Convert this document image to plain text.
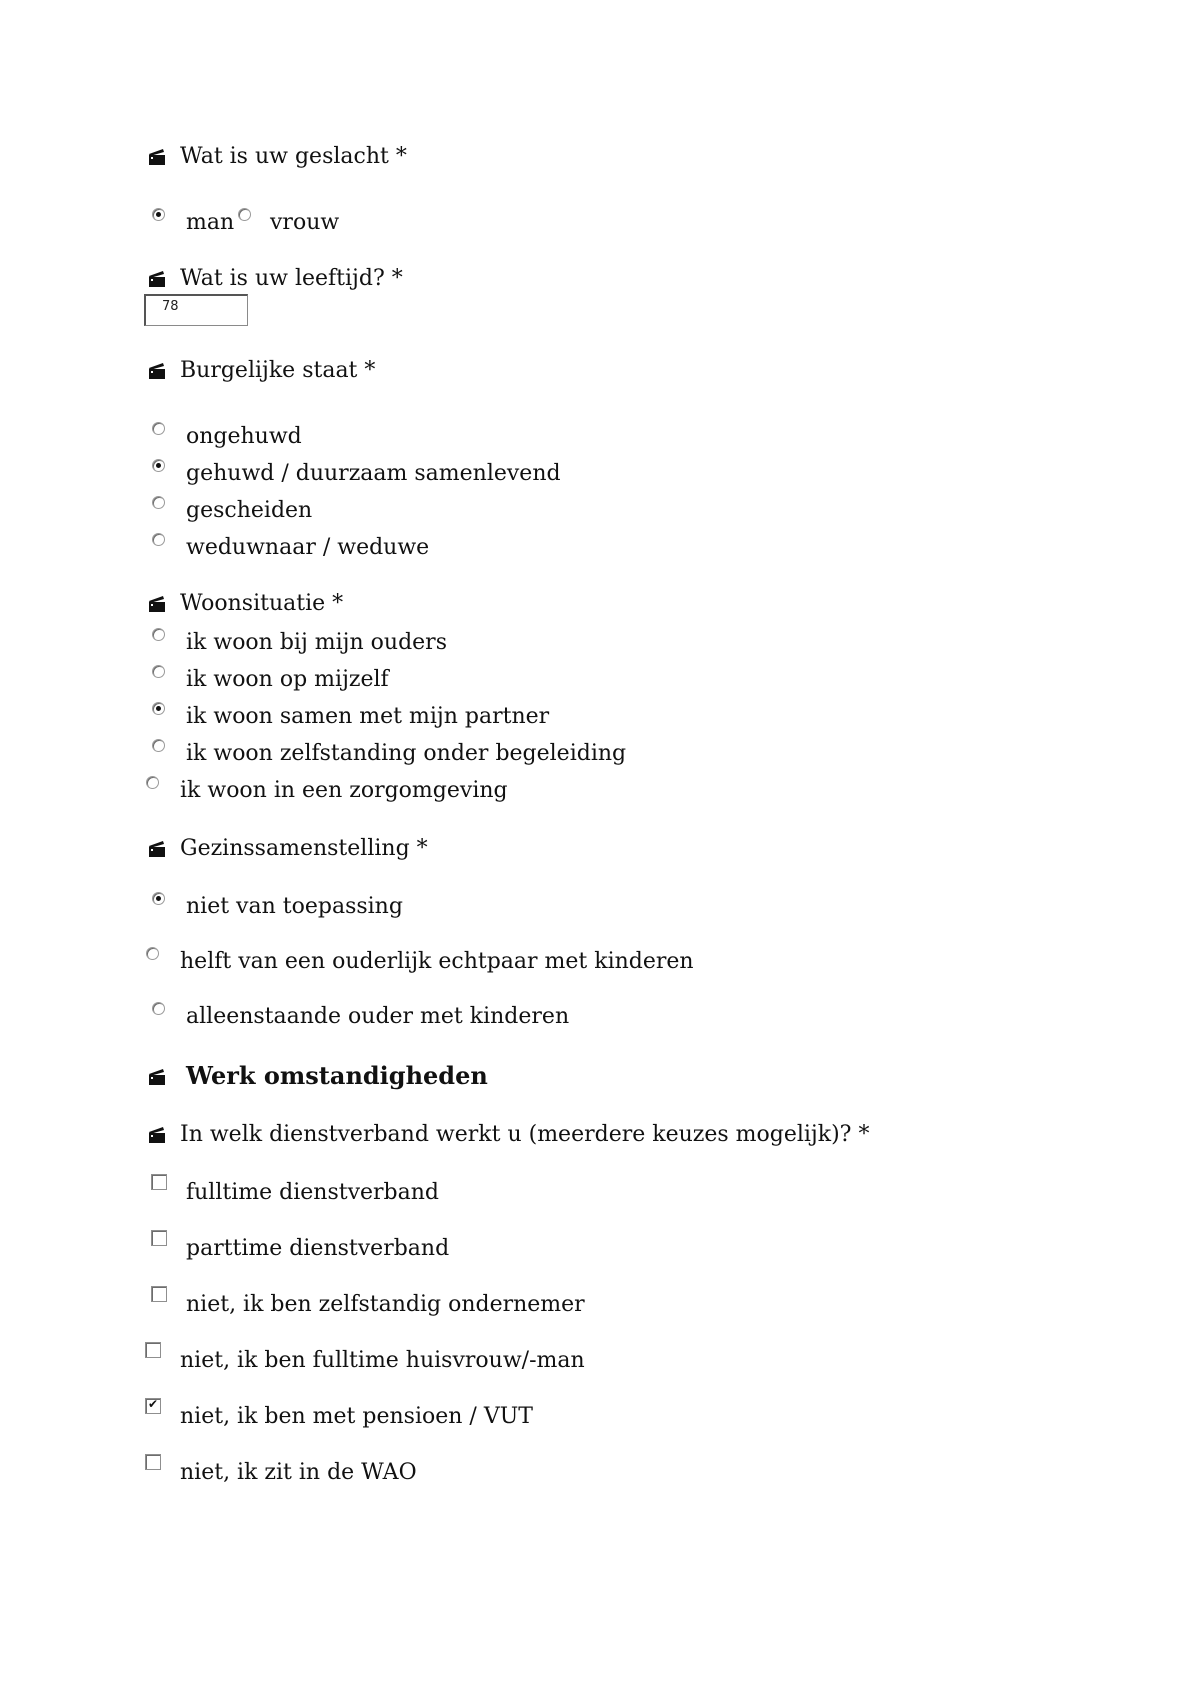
Wat is uw geslacht *
man vrouw
Wat is uw leeftijd? *
78
Burgelijke staat *
ongehuwd
gehuwd / duurzaam samenlevend
gescheiden
weduwnaar / weduwe
Woonsituatie *
ik woon bij mijn ouders
ik woon op mijzelf
ik woon samen met mijn partner
ik woon zelfstanding onder begeleiding
ik woon in een zorgomgeving
Gezinssamenstelling *
niet van toepassing
helft van een ouderlijk echtpaar met kinderen
alleenstaande ouder met kinderen
Werk omstandigheden
In welk dienstverband werkt u (meerdere keuzes mogelijk)? *
fulltime dienstverband
parttime dienstverband
niet, ik ben zelfstandig ondernemer
niet, ik ben fulltime huisvrouw/-man
✔
niet, ik ben met pensioen / VUT
niet, ik zit in de WAO
